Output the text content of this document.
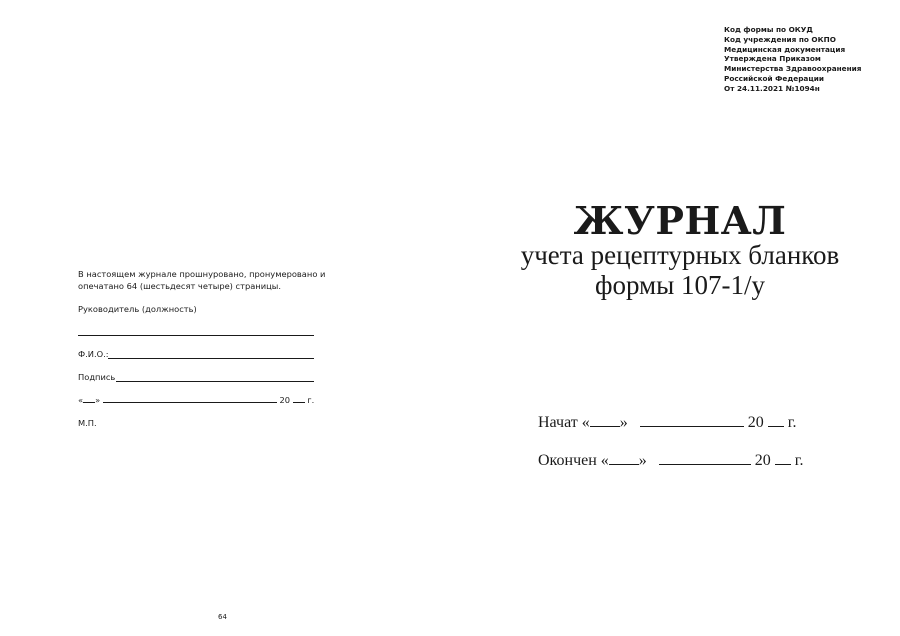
В настоящем журнале прошнуровано, пронумеровано и опечатано 64 (шестьдесят четыре) страницы.
Руководитель (должность)
Ф.И.О.:
Подпись
« »	20 г.
М.П.
64
Код формы по ОКУД
Код учреждения по ОКПО
Медицинская документация
Утверждена Приказом
Министерства Здравоохранения
Российской Федерации
От 24.11.2021 №1094н
ЖУРНАЛ
учета рецептурных бланков
формы 107-1/у
Начат « »	20 г.
Окончен « »	20 г.
